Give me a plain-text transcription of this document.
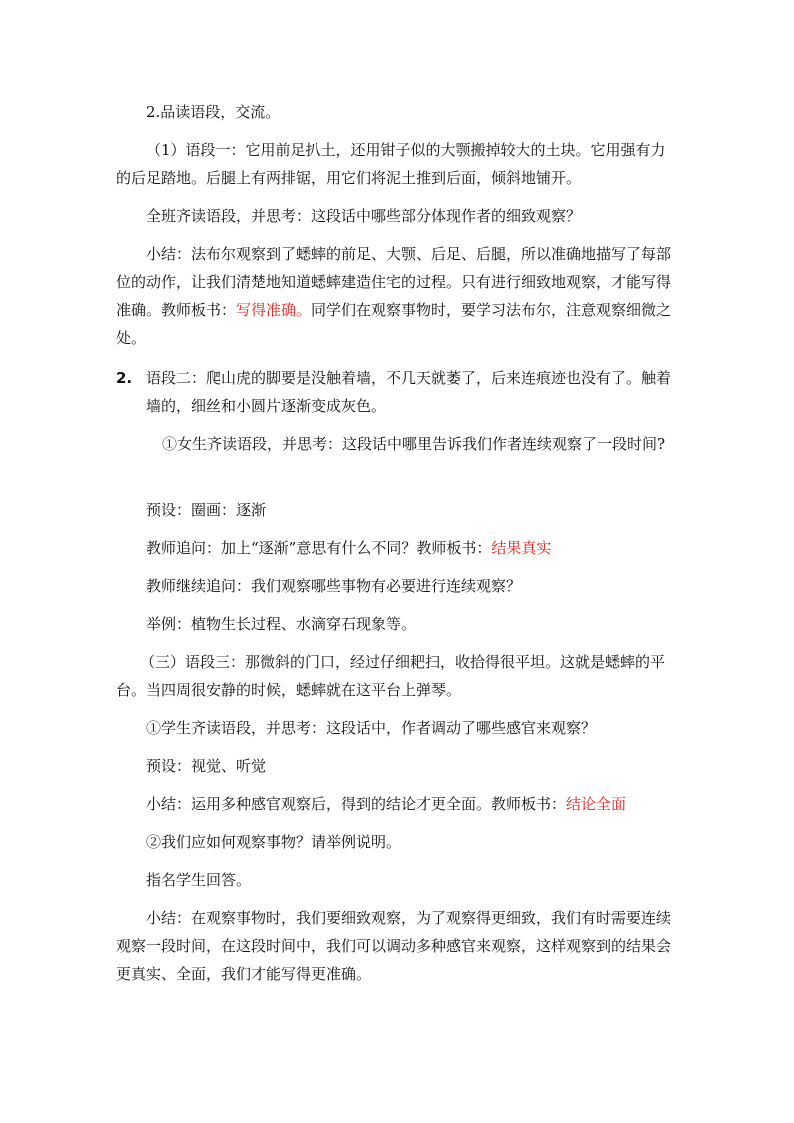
2.品读语段，交流。

（1）语段一：它用前足扒土，还用钳子似的大颚搬掉较大的土块。它用强有力的后足踏地。后腿上有两排锯，用它们将泥土推到后面，倾斜地铺开。

全班齐读语段，并思考：这段话中哪些部分体现作者的细致观察？

小结：法布尔观察到了蟋蟀的前足、大颚、后足、后腿，所以准确地描写了每部位的动作，让我们清楚地知道蟋蟀建造住宅的过程。只有进行细致地观察，才能写得准确。教师板书：写得准确。同学们在观察事物时，要学习法布尔，注意观察细微之处。

2. 语段二：爬山虎的脚要是没触着墙，不几天就萎了，后来连痕迹也没有了。触着墙的，细丝和小圆片逐渐变成灰色。

①女生齐读语段，并思考：这段话中哪里告诉我们作者连续观察了一段时间?

预设：圈画：逐渐

教师追问：加上“逐渐”意思有什么不同？教师板书：结果真实

教师继续追问：我们观察哪些事物有必要进行连续观察？

举例：植物生长过程、水滴穿石现象等。

（三）语段三：那微斜的门口，经过仔细耙扫，收拾得很平坦。这就是蟋蟀的平台。当四周很安静的时候，蟋蟀就在这平台上弹琴。

①学生齐读语段，并思考：这段话中，作者调动了哪些感官来观察？

预设：视觉、听觉

小结：运用多种感官观察后，得到的结论才更全面。教师板书：结论全面

②我们应如何观察事物？请举例说明。

指名学生回答。

小结：在观察事物时，我们要细致观察，为了观察得更细致，我们有时需要连续观察一段时间，在这段时间中，我们可以调动多种感官来观察，这样观察到的结果会更真实、全面，我们才能写得更准确。
